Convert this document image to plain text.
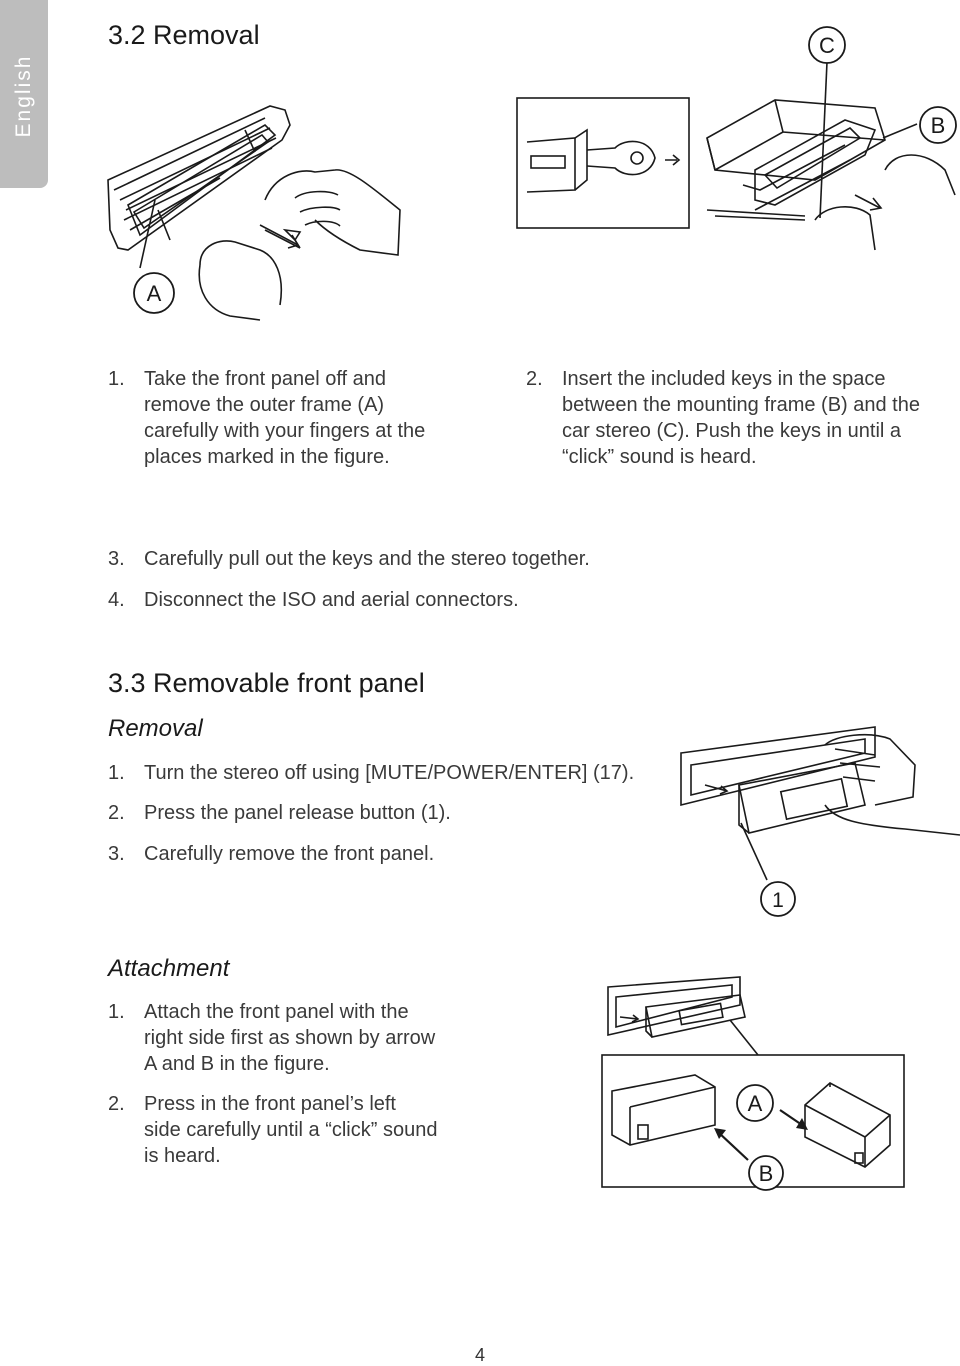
English
3.2 Removal
A
C
B
1. Take the front panel off and remove the outer frame (A) carefully with your fingers at the places marked in the figure.
2. Insert the included keys in the space between the mounting frame (B) and the car stereo (C). Push the keys in until a “click” sound is heard.
3. Carefully pull out the keys and the stereo together.
4. Disconnect the ISO and aerial connectors.
3.3 Removable front panel
Removal
1. Turn the stereo off using [MUTE/POWER/ENTER] (17).
2. Press the panel release button (1).
3. Carefully remove the front panel.
1
Attachment
1. Attach the front panel with the right side first as shown by arrow A and B in the figure.
2. Press in the front panel’s left side carefully until a “click” sound is heard.
A
B
4
